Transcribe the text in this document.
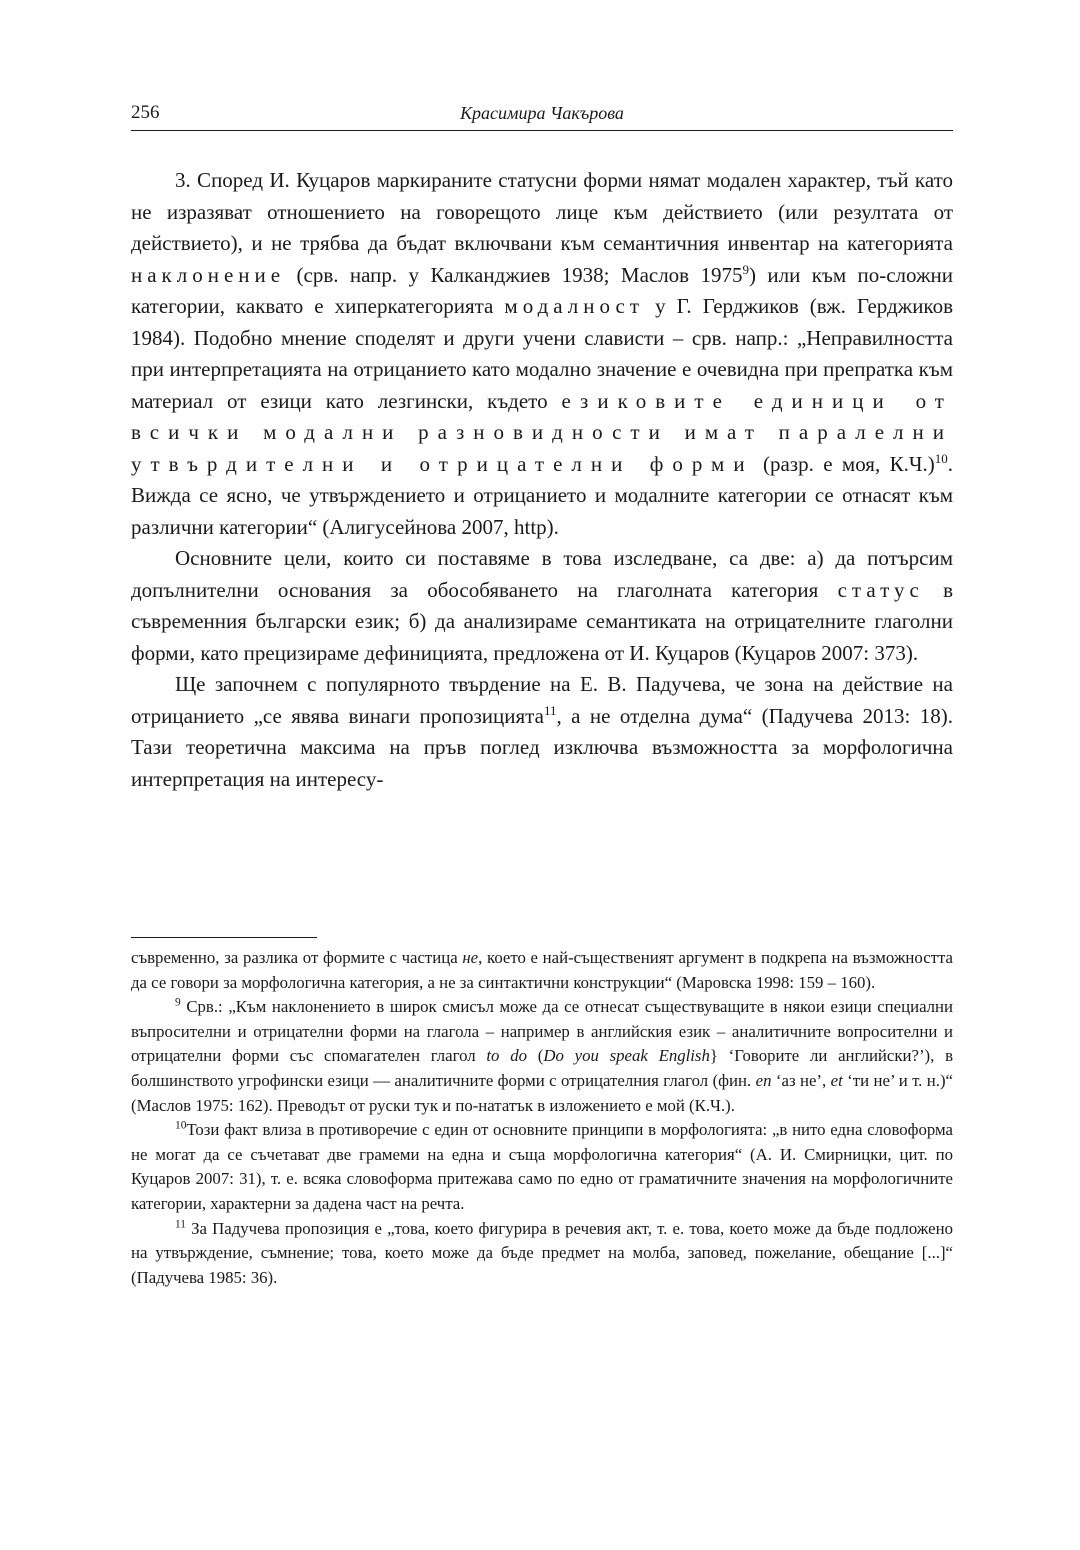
256	Красимира Чакърова

3. Според И. Куцаров маркираните статусни форми нямат модален характер, тъй като не изразяват отношението на говорещото лице към действието (или резултата от действието), и не трябва да бъдат включвани към семантичния инвентар на категорията наклонение (срв. напр. у Калканджиев 1938; Маслов 1975$^9$) или към по-сложни категории, каквато е хиперкатегорията модалност у Г. Герджиков (вж. Герджиков 1984). Подобно мнение споделят и други учени слависти – срв. напр.: „Неправилността при интерпретацията на отрицанието като модално значение е очевидна при препратка към материал от езици като лезгински, където езиковите единици от всички модални разновидности имат паралелни утвърдителни и отрицателни форми (разр. е моя, К.Ч.)$^{10}$. Вижда се ясно, че утвърждението и отрицанието и модалните категории се отнасят към различни категории“ (Алигусейнова 2007, http).

Основните цели, които си поставяме в това изследване, са две: а) да потърсим допълнителни основания за обособяването на глаголната категория статус в съвременния български език; б) да анализираме семантиката на отрицателните глаголни форми, като прецизираме дефиницията, предложена от И. Куцаров (Куцаров 2007: 373).

Ще започнем с популярното твърдение на Е. В. Падучева, че зона на действие на отрицанието „се явява винаги пропозицията$^{11}$, а не отделна дума“ (Падучева 2013: 18). Тази теоретична максима на пръв поглед изключва възможността за морфологична интерпретация на интересу-

съвременно, за разлика от формите с частица не, което е най-съществeният аргумент в подкрепа на възможността да се говори за морфологична категория, а не за синтактични конструкции“ (Маровска 1998: 159 – 160).

$^9$ Срв.: „Към наклонението в широк смисъл може да се отнесат съществуващите в някои езици специални въпросителни и отрицателни форми на глагола – например в английския език – аналитичните вопросителни и отрицателни форми със спомагателен глагол to do (Do you speak English} ‘Говорите ли английски?’), в болшинството угрофински езици — аналитичните форми с отрицателния глагол (фин. en ‘аз не’, et ‘ти не’ и т. н.)“ (Маслов 1975: 162). Преводът от руски тук и по-нататък в изложението е мой (К.Ч.).

$^{10}$Този факт влиза в противоречие с един от основните принципи в морфологията: „в нито една словоформа не могат да се съчетават две грамеми на една и съща морфологична категория“ (А. И. Смирницки, цит. по Куцаров 2007: 31), т. е. всяка словоформа притежава само по едно от граматичните значения на морфологичните категории, характерни за дадена част на речта.

$^{11}$ За Падучева пропозиция е „това, което фигурира в речевия акт, т. е. това, което може да бъде подложено на утвърждение, съмнение; това, което може да бъде предмет на молба, заповед, пожелание, обещание [...]“ (Падучева 1985: 36).
